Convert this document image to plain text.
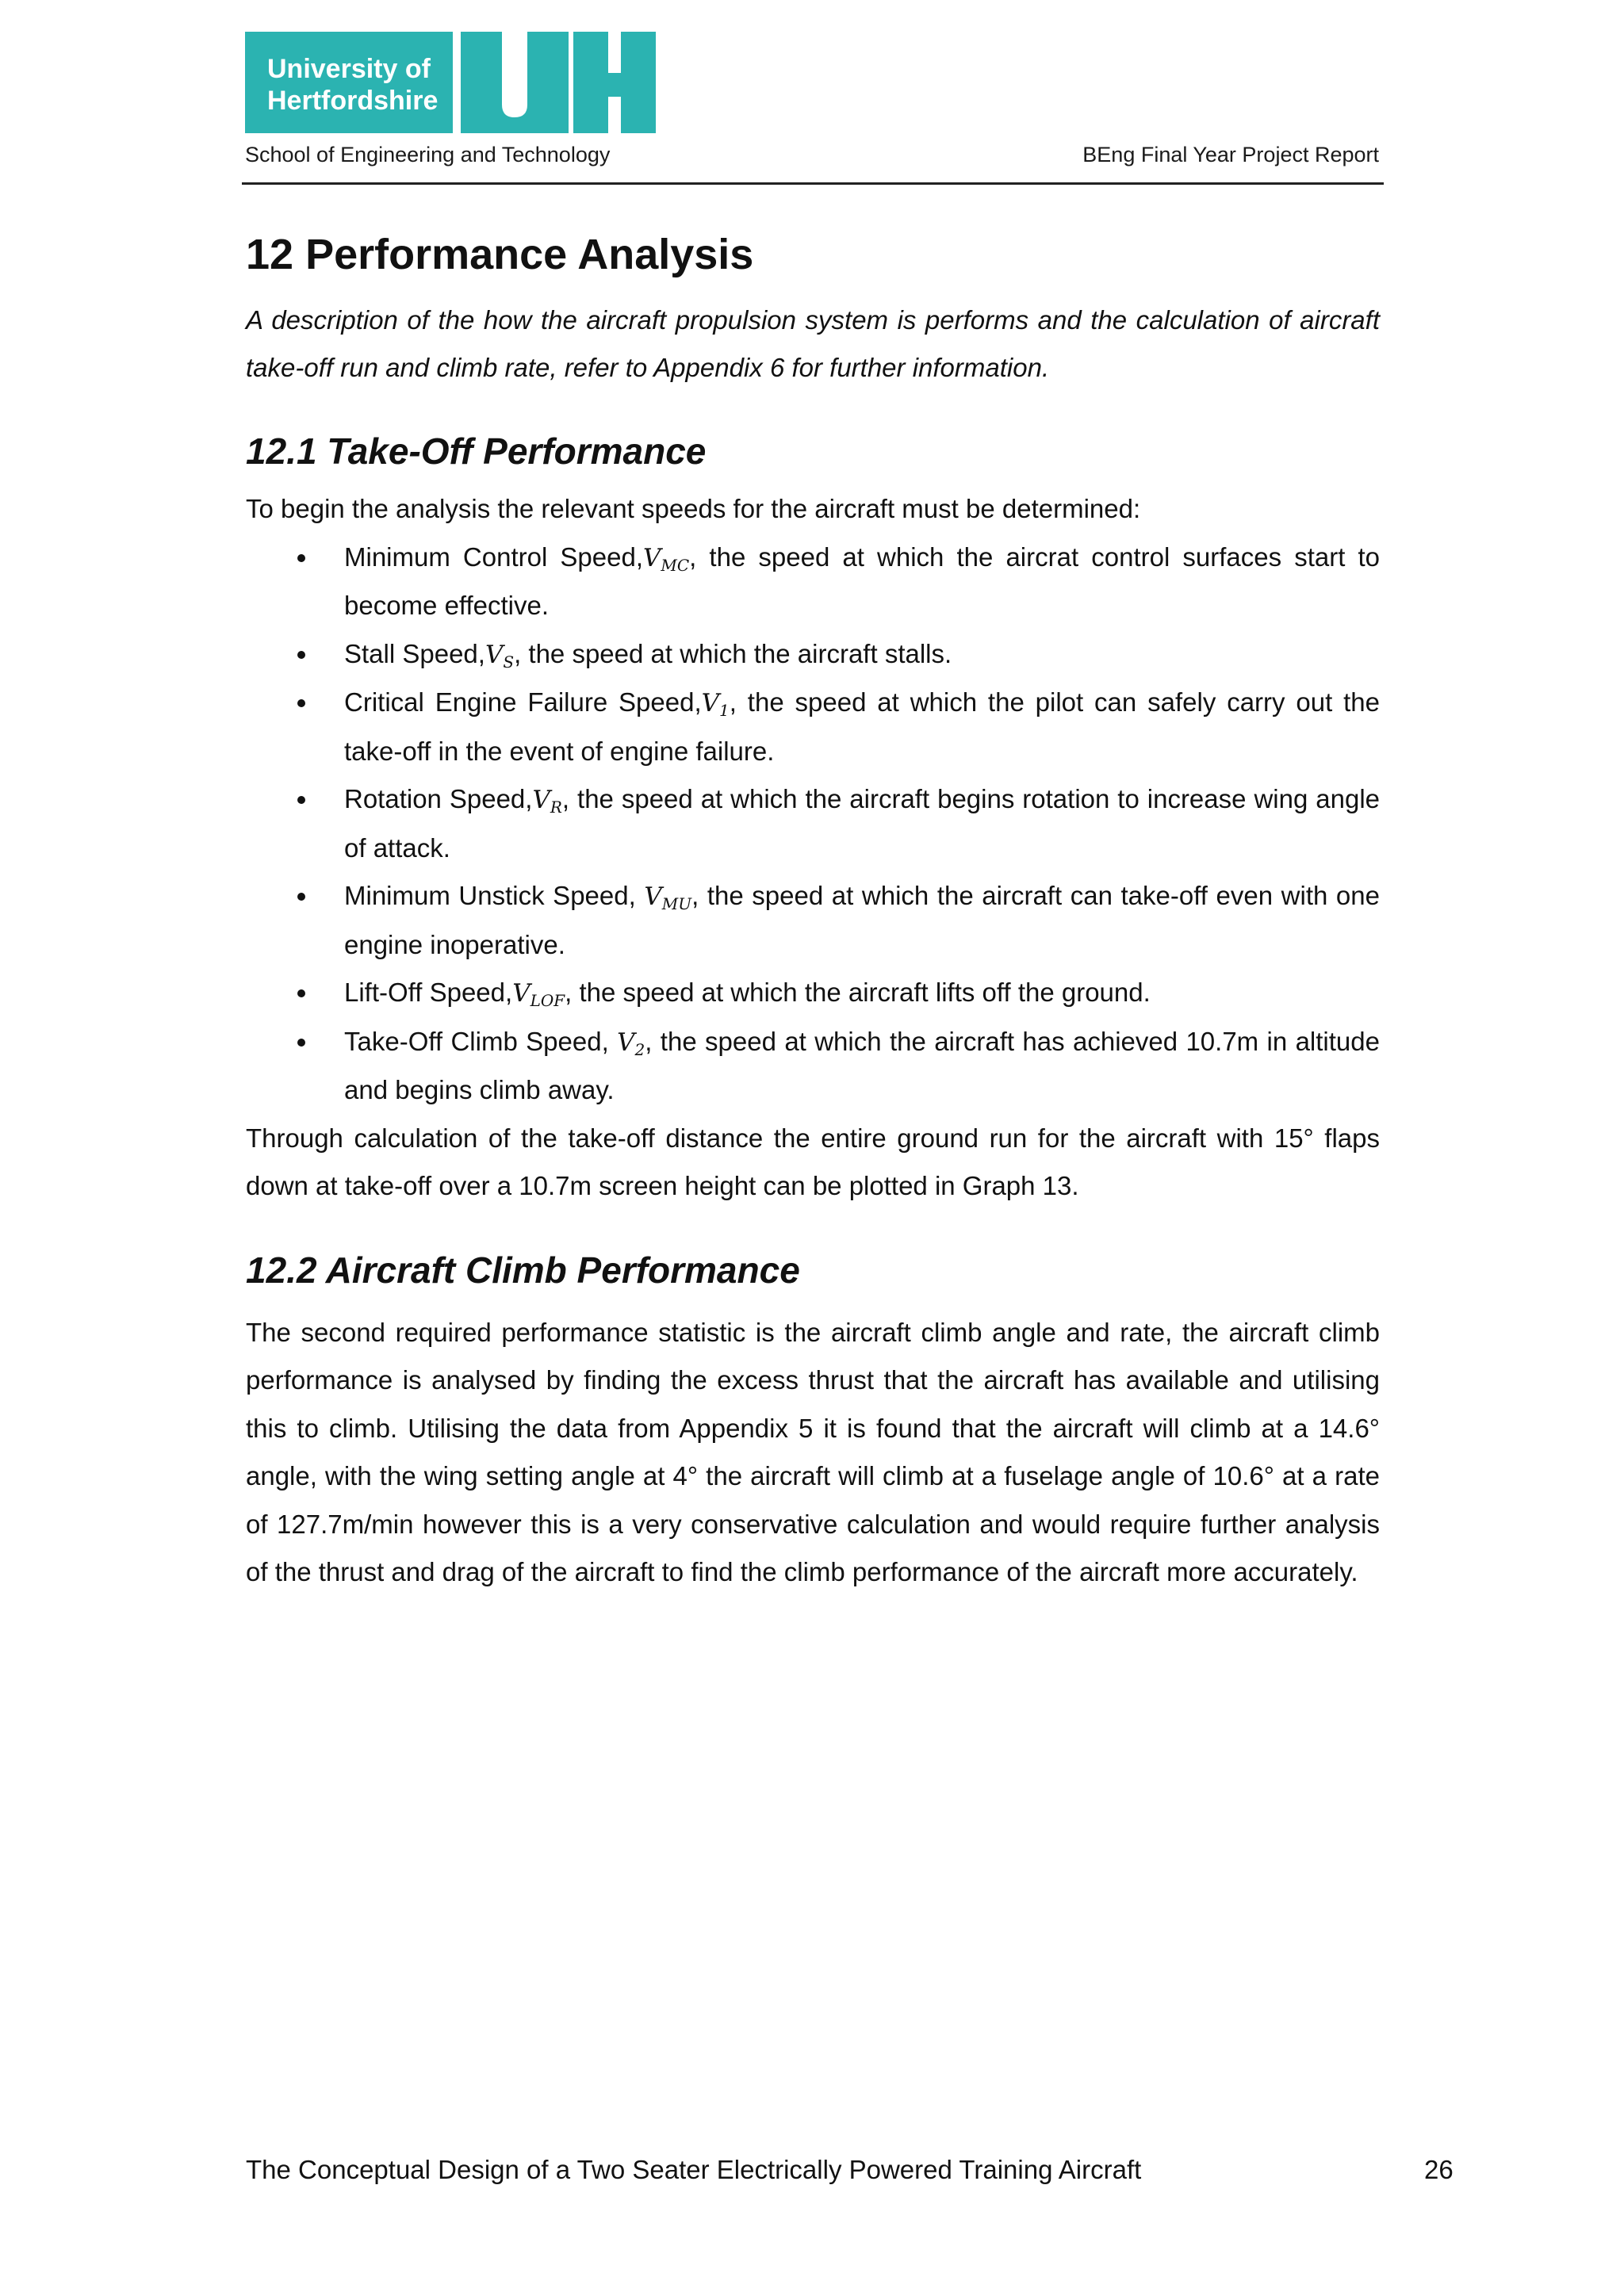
University of
Hertfordshire
School of Engineering and Technology	BEng Final Year Project Report
12 Performance Analysis

A description of the how the aircraft propulsion system is performs and the calculation of aircraft take-off run and climb rate, refer to Appendix 6 for further information.

12.1 Take-Off Performance

To begin the analysis the relevant speeds for the aircraft must be determined:

Minimum Control $Speed,V_{MC}$, the speed at which the aircrat control surfaces start to become effective.
Stall $Speed,V_S$, the speed at which the aircraft stalls.
Critical Engine Failure $Speed,V_1$, the speed at which the pilot can safely carry out the take-off in the event of engine failure.
Rotation $Speed,V_R$, the speed at which the aircraft begins rotation to increase wing angle of attack.
Minimum Unstick Speed, $V_{MU}$, the speed at which the aircraft can take-off even with one engine inoperative.
Lift-Off $Speed,V_{LOF}$, the speed at which the aircraft lifts off the ground.
Take-Off Climb Speed, $V_2$, the speed at which the aircraft has achieved 10.7m in altitude and begins climb away.

Through calculation of the take-off distance the entire ground run for the aircraft with 15° flaps down at take-off over a 10.7m screen height can be plotted in Graph 13.

12.2 Aircraft Climb Performance

The second required performance statistic is the aircraft climb angle and rate, the aircraft climb performance is analysed by finding the excess thrust that the aircraft has available and utilising this to climb. Utilising the data from Appendix 5 it is found that the aircraft will climb at a 14.6° angle, with the wing setting angle at 4° the aircraft will climb at a fuselage angle of 10.6° at a rate of 127.7m/min however this is a very conservative calculation and would require further analysis of the thrust and drag of the aircraft to find the climb performance of the aircraft more accurately.

The Conceptual Design of a Two Seater Electrically Powered Training Aircraft	26
